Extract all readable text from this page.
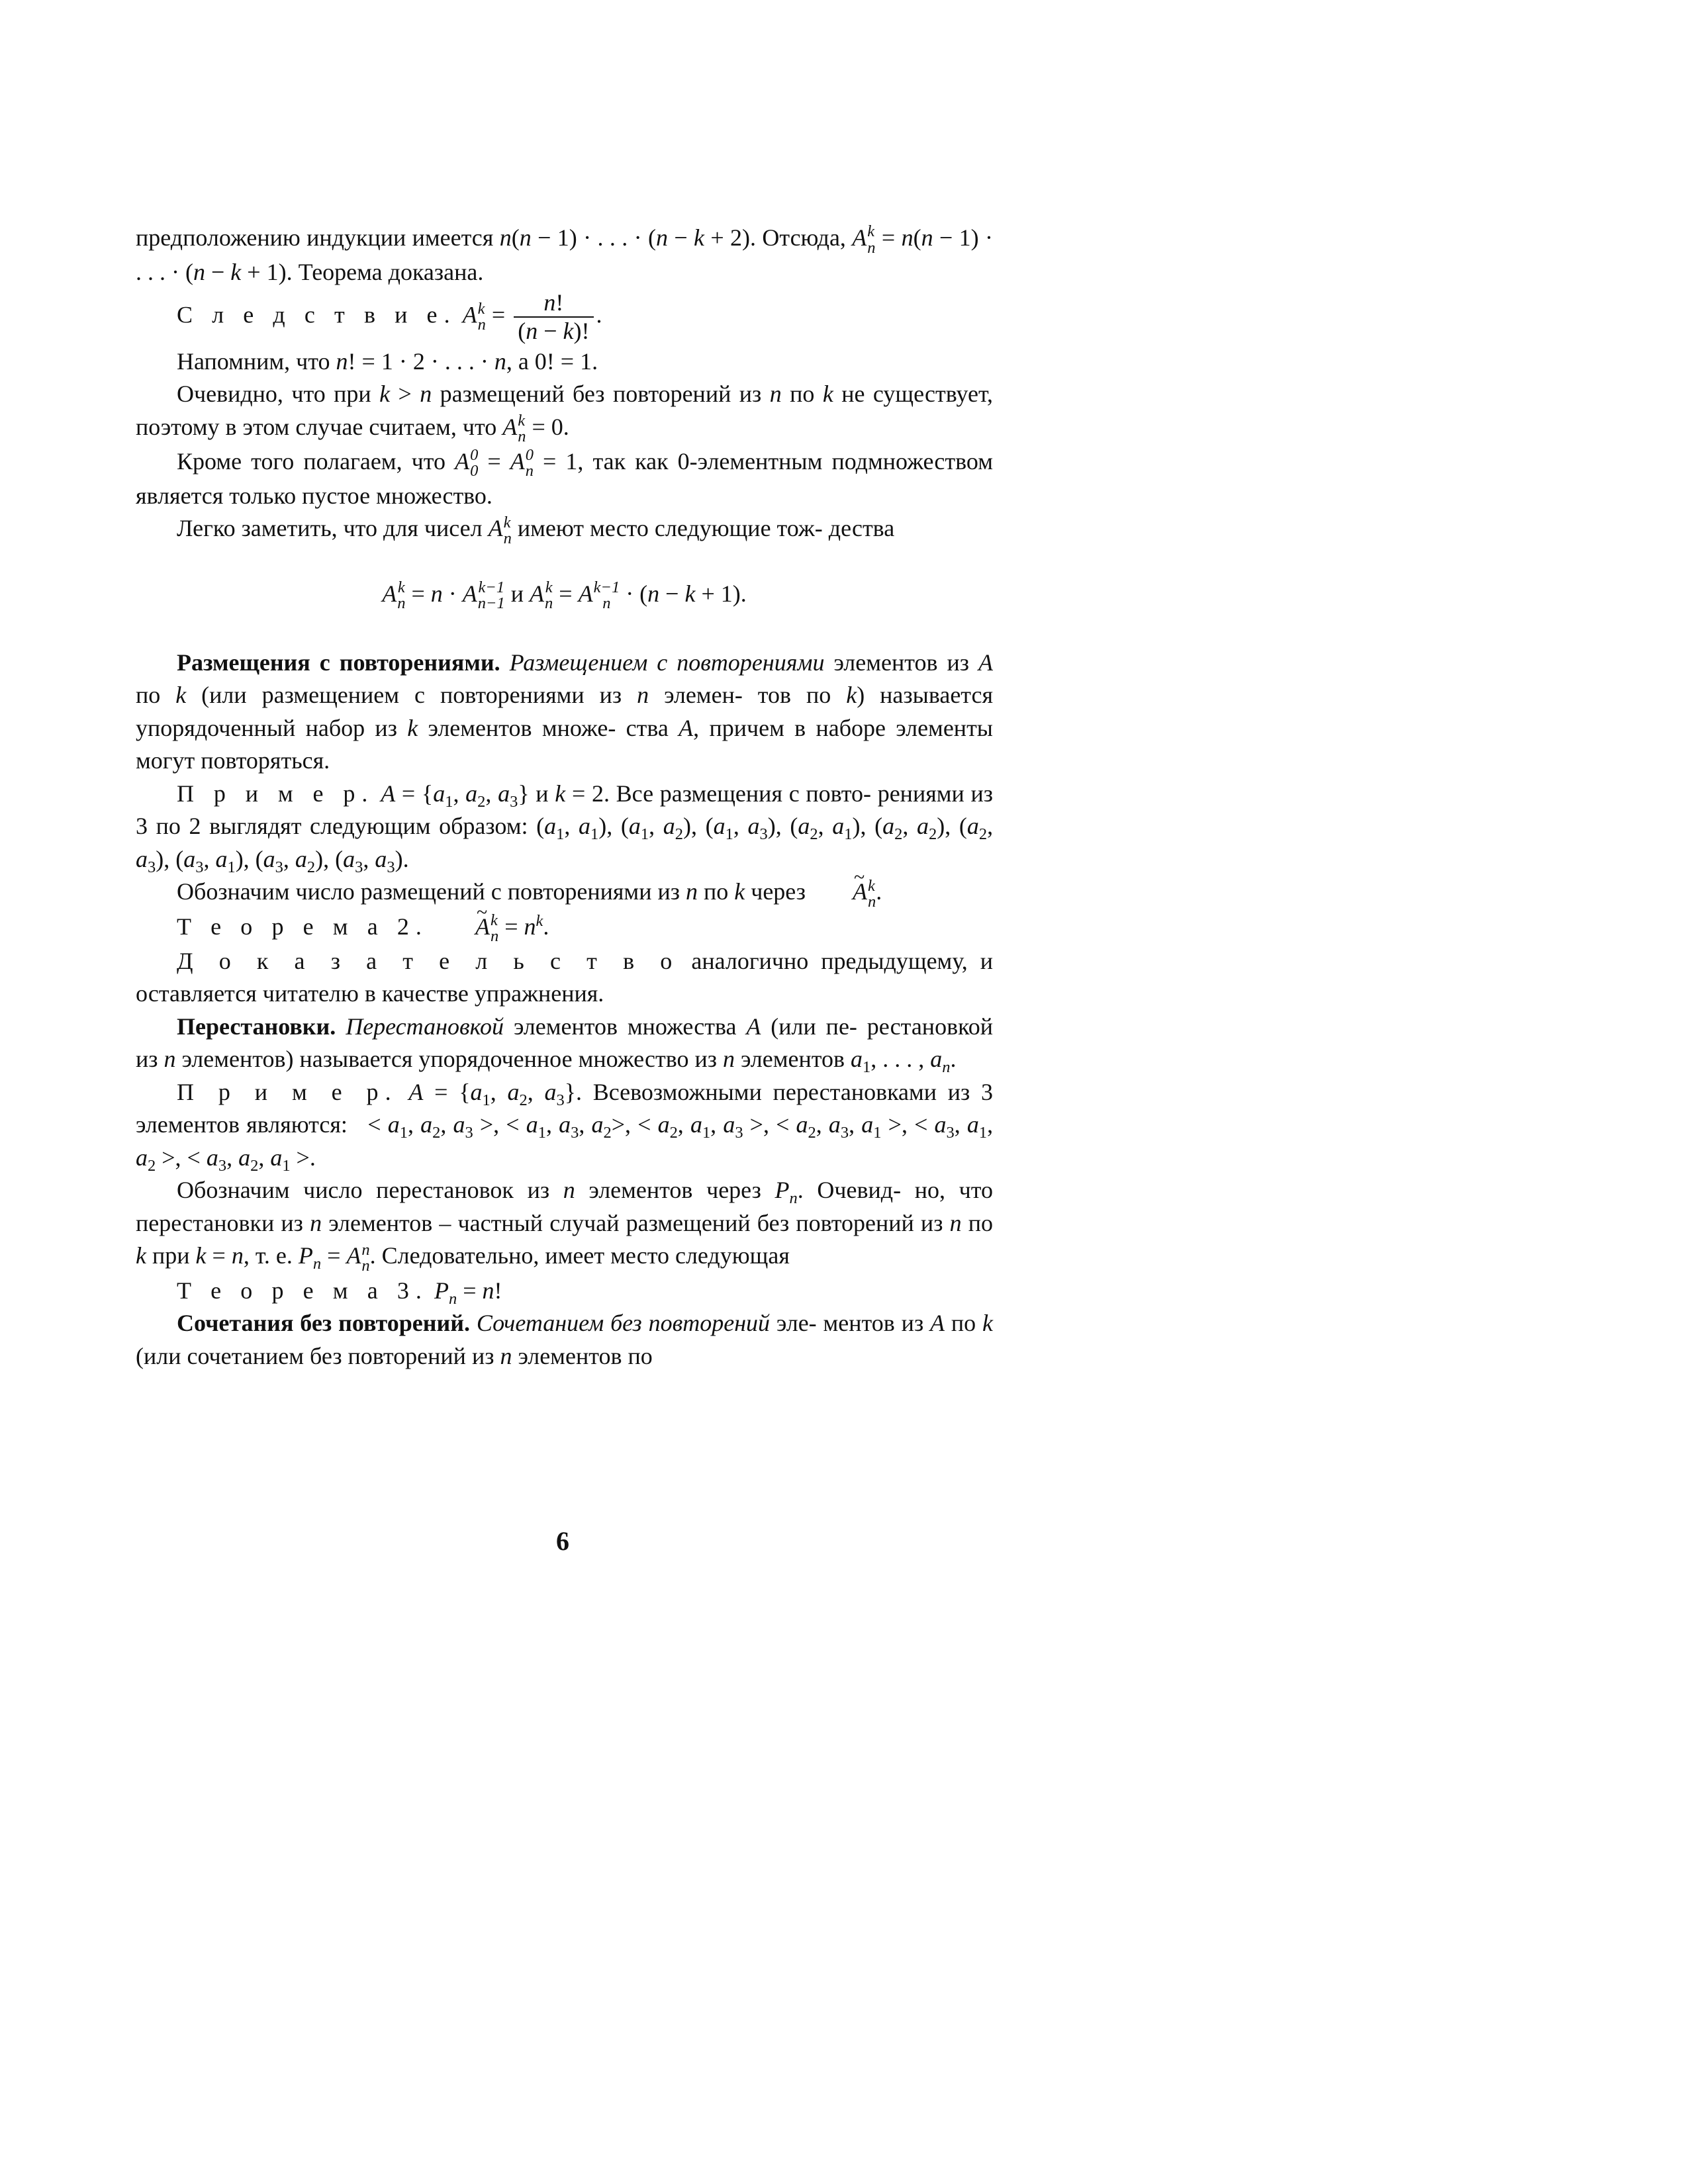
предположению индукции имеется n(n − 1) · . . . · (n − k + 2). Отсюда, A k
n = n(n − 1) · . . . · (n − k + 1). Теорема доказана.

С л е д с т в и е. A k
$n = \frac{n!}{(n - k)!}$ .

Напомним, что n! = 1 · 2 · . . . · n, а 0! = 1.

Очевидно, что при k > n размещений без повторений из n по k не существует, поэтому в этом случае считаем, что A k
n = 0.

Кроме того полагаем, что A 0
0 = A 0
n = 1, так как 0-элементным подмножеством является только пустое множество.

Легко заметить, что для чисел A k
n имеют место следующие тож- дества

A k
n = n · A k−1
n−1 и A k
n = A k−1
n · (n − k + 1).

Размещения с повторениями. Размещением с повторениями элементов из A по k (или размещением с повторениями из n элемен- тов по k) называется упорядоченный набор из k элементов множе- ства A, причем в наборе элементы могут повторяться.

П р и м е р. $A = \{a_1$, $a_2$, $a_3$} и k = 2. Все размещения с повто- рениями из 3 по 2 выглядят следующим образом: ($a_1$, $a_1$), ($a_1$, $a_2$), ($a_1$, $a_3$), ($a_2$, $a_1$), ($a_2$, $a_2$), ($a_2$, $a_3$), ($a_3$, $a_1$), ($a_3$, $a_2$), ($a_3$, $a_3$).

Обозначим число размещений с повторениями из n по k через ~ A k
n .

Т е о р е м а 2. ~ A k
$n = n^k$.

Д о к а з а т е л ь с т в о аналогично предыдущему, и оставляется читателю в качестве упражнения.

Перестановки. Перестановкой элементов множества A (или пе- рестановкой из n элементов) называется упорядоченное множество из n элементов $a_1$, . . . , $a_n$.

П р и м е р. $A = \{a_1$, $a_2$, $a_3$}. Всевозможными перестановками из 3 элементов являются:   < $a_1$, $a_2$, $a_3$ >, < $a_1$, $a_3$, $a_2>$, < $a_2$, $a_1$, $a_3$ >, < $a_2$, $a_3$, $a_1$ >, < $a_3$, $a_1$, $a_2$ >, < $a_3$, $a_2$, $a_1$ >.

Обозначим число перестановок из n элементов через $P_n$. Очевид- но, что перестановки из n элементов – частный случай размещений без повторений из n по k при k = n, т. е. $P_n = A$ n
n . Следовательно, имеет место следующая

Т е о р е м а 3. $P_n = n$!

Сочетания без повторений. Сочетанием без повторений эле- ментов из A по k (или сочетанием без повторений из n элементов по

6
